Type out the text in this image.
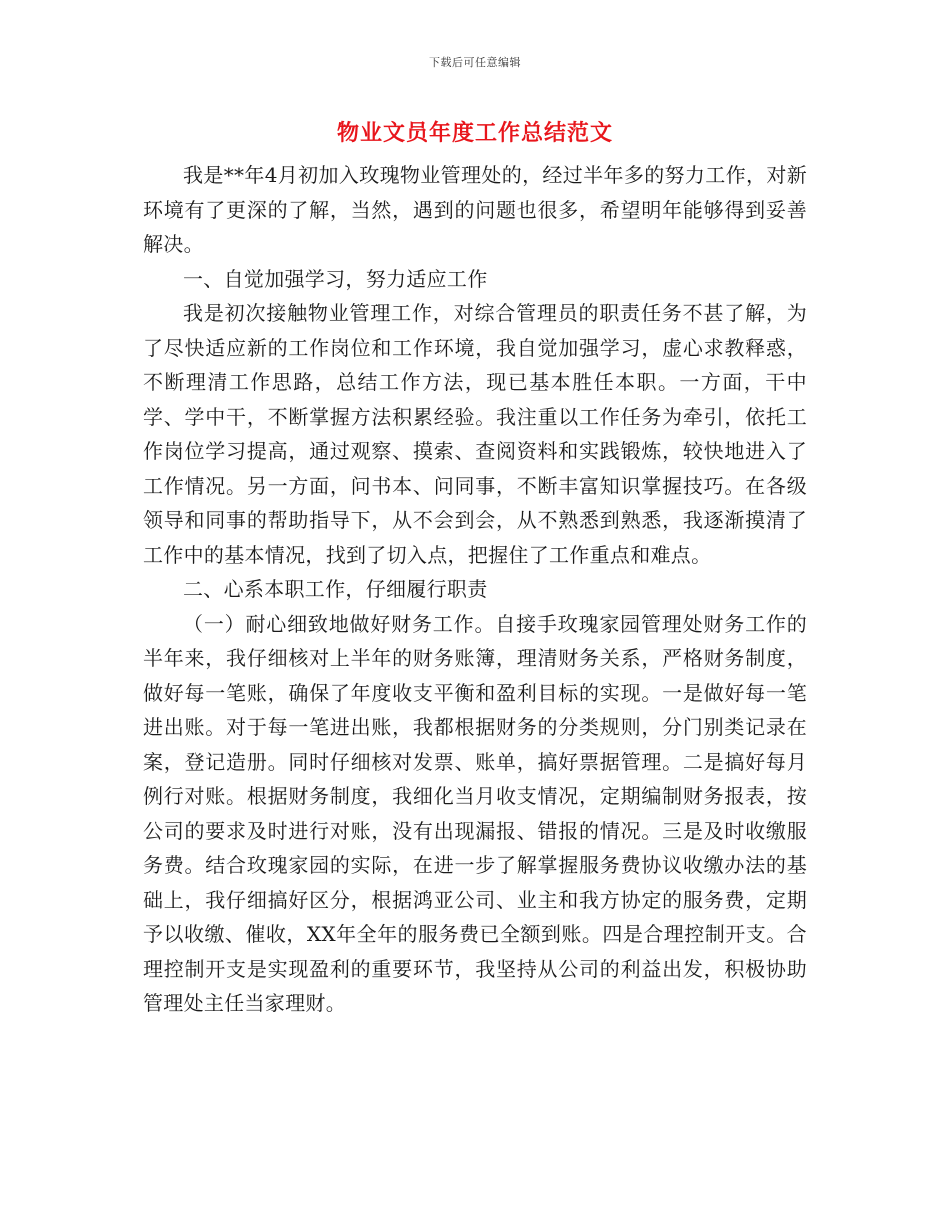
下载后可任意编辑
物业文员年度工作总结范文

我是**年4月初加入玫瑰物业管理处的，经过半年多的努力工作，对新环境有了更深的了解，当然，遇到的问题也很多，希望明年能够得到妥善解决。

一、自觉加强学习，努力适应工作

我是初次接触物业管理工作，对综合管理员的职责任务不甚了解，为了尽快适应新的工作岗位和工作环境，我自觉加强学习，虚心求教释惑，不断理清工作思路，总结工作方法，现已基本胜任本职。一方面，干中学、学中干，不断掌握方法积累经验。我注重以工作任务为牵引，依托工作岗位学习提高，通过观察、摸索、查阅资料和实践锻炼，较快地进入了工作情况。另一方面，问书本、问同事，不断丰富知识掌握技巧。在各级领导和同事的帮助指导下，从不会到会，从不熟悉到熟悉，我逐渐摸清了工作中的基本情况，找到了切入点，把握住了工作重点和难点。

二、心系本职工作，仔细履行职责

（一）耐心细致地做好财务工作。自接手玫瑰家园管理处财务工作的半年来，我仔细核对上半年的财务账簿，理清财务关系，严格财务制度，做好每一笔账，确保了年度收支平衡和盈利目标的实现。一是做好每一笔进出账。对于每一笔进出账，我都根据财务的分类规则，分门别类记录在案，登记造册。同时仔细核对发票、账单，搞好票据管理。二是搞好每月例行对账。根据财务制度，我细化当月收支情况，定期编制财务报表，按公司的要求及时进行对账，没有出现漏报、错报的情况。三是及时收缴服务费。结合玫瑰家园的实际，在进一步了解掌握服务费协议收缴办法的基础上，我仔细搞好区分，根据鸿亚公司、业主和我方协定的服务费，定期予以收缴、催收，XX年全年的服务费已全额到账。四是合理控制开支。合理控制开支是实现盈利的重要环节，我坚持从公司的利益出发，积极协助管理处主任当家理财。
